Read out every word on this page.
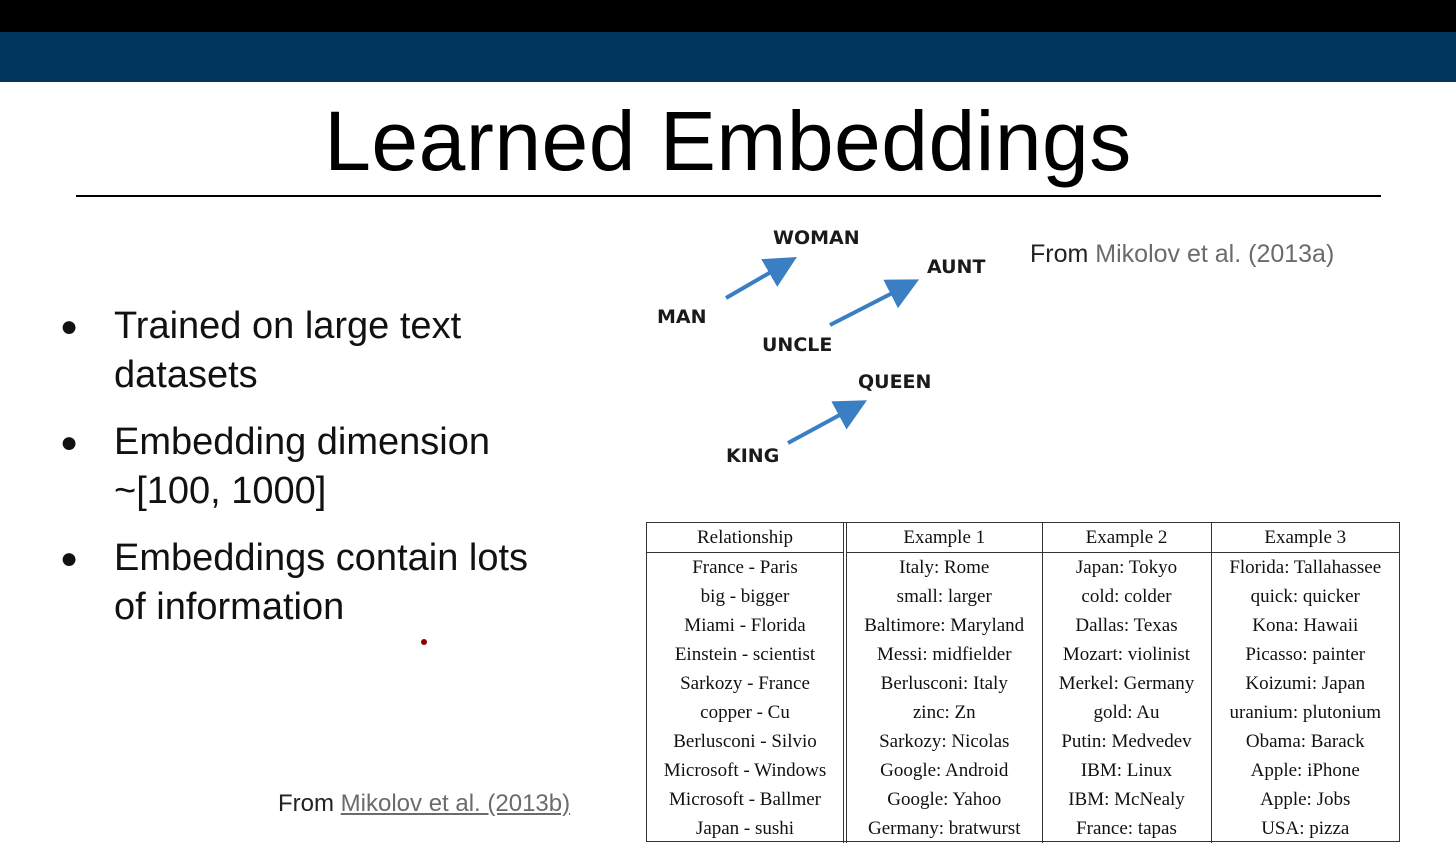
Learned Embeddings
● Trained on large text
datasets
● Embedding dimension
~[100, 1000]
● Embeddings contain lots
of information
From Mikolov et al. (2013b)
From Mikolov et al. (2013a)
WOMAN
MAN
AUNT
UNCLE
QUEEN
KING
Relationship	Example 1	Example 2	Example 3
France - Paris	Italy: Rome	Japan: Tokyo	Florida: Tallahassee
big - bigger	small: larger	cold: colder	quick: quicker
Miami - Florida	Baltimore: Maryland	Dallas: Texas	Kona: Hawaii
Einstein - scientist	Messi: midfielder	Mozart: violinist	Picasso: painter
Sarkozy - France	Berlusconi: Italy	Merkel: Germany	Koizumi: Japan
copper - Cu	zinc: Zn	gold: Au	uranium: plutonium
Berlusconi - Silvio	Sarkozy: Nicolas	Putin: Medvedev	Obama: Barack
Microsoft - Windows	Google: Android	IBM: Linux	Apple: iPhone
Microsoft - Ballmer	Google: Yahoo	IBM: McNealy	Apple: Jobs
Japan - sushi	Germany: bratwurst	France: tapas	USA: pizza
